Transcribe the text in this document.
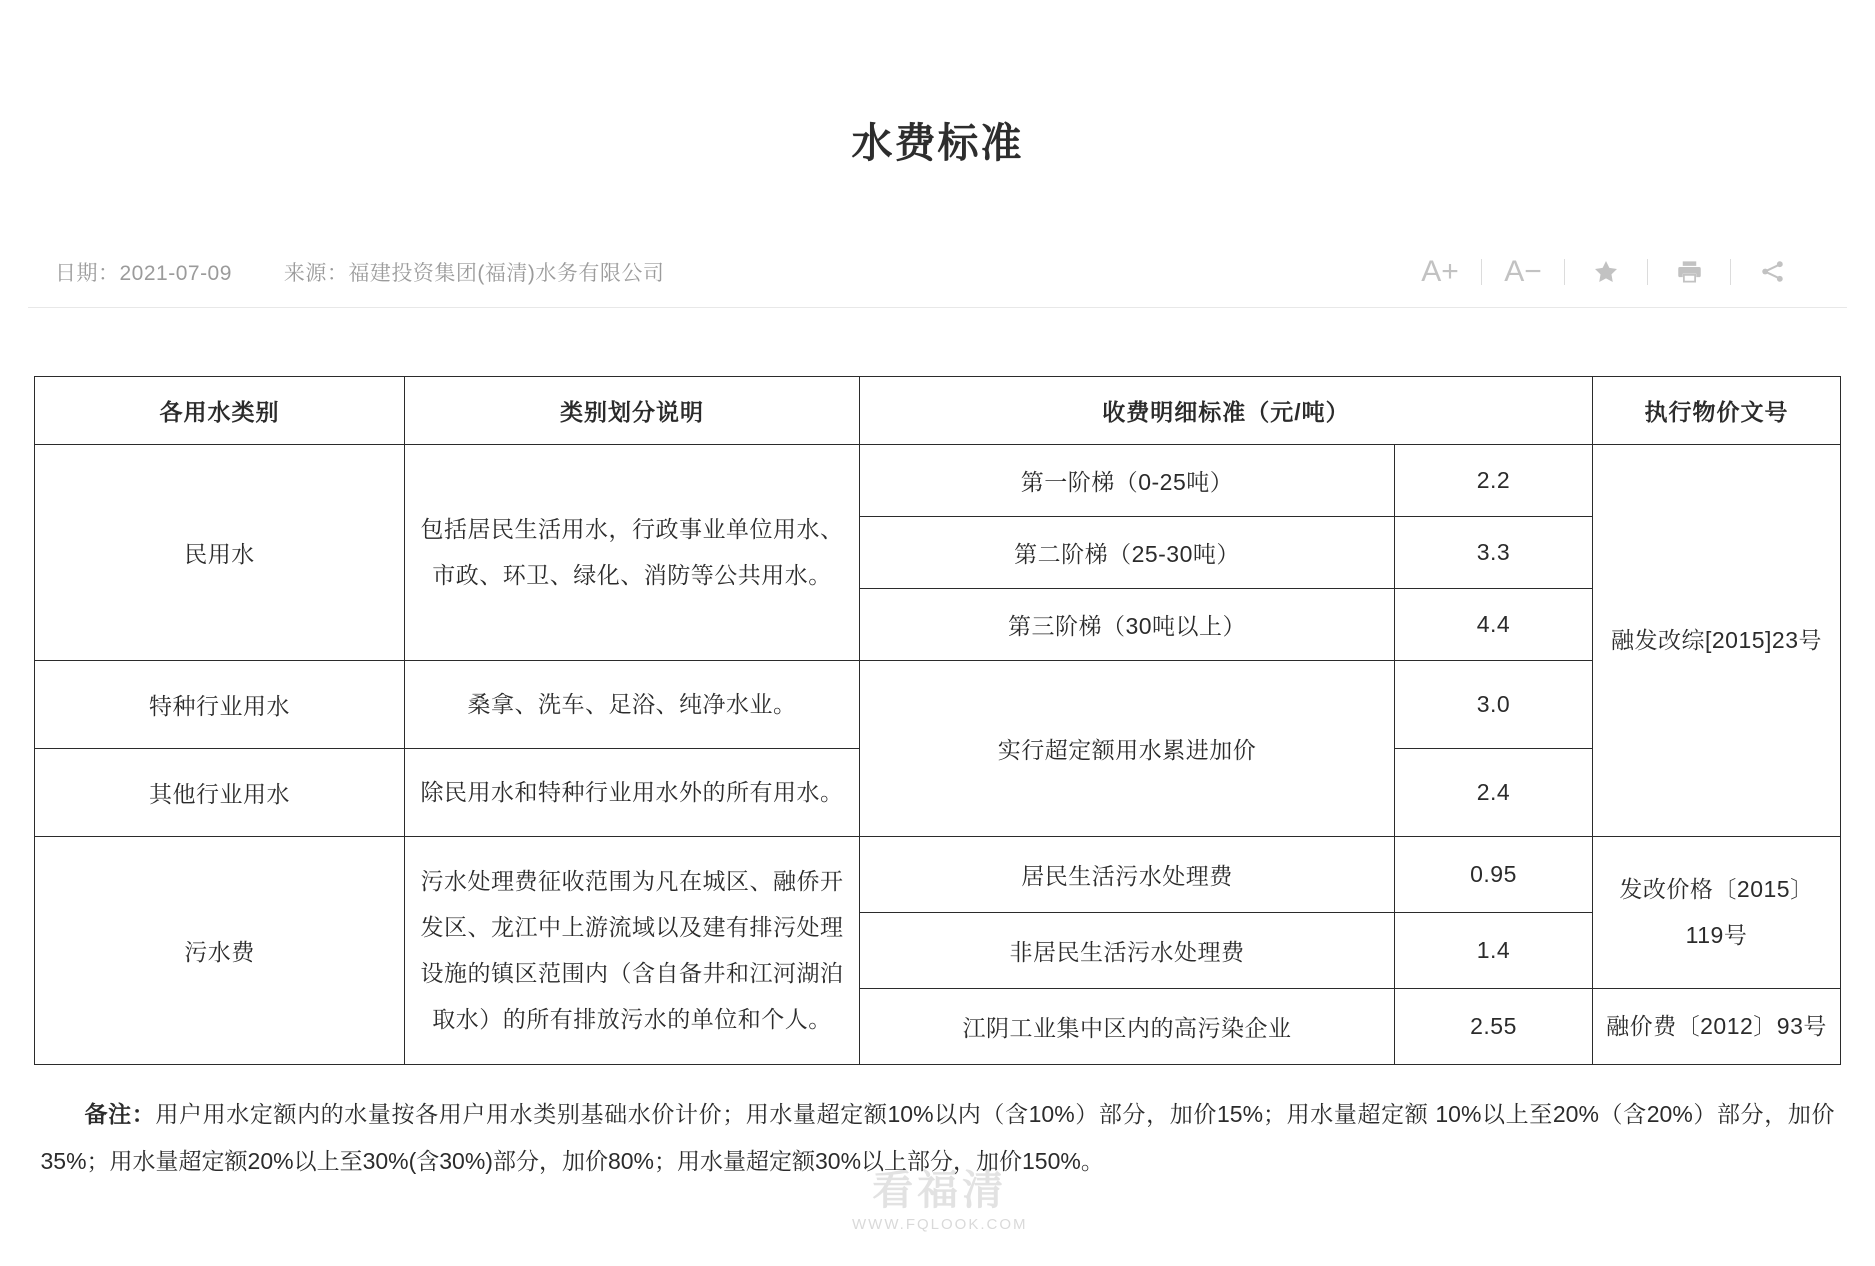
水费标准
日期：2021-07-09 来源：福建投资集团(福清)水务有限公司	A+	A−
各用水类别	类别划分说明	收费明细标准（元/吨）		执行物价文号
民用水	包括居民生活用水，行政事业单位用水、市政、环卫、绿化、消防等公共用水。	第一阶梯（0-25吨）	2.2	融发改综[2015]23号
		第二阶梯（25-30吨）	3.3	
		第三阶梯（30吨以上）	4.4	
特种行业用水	桑拿、洗车、足浴、纯净水业。	实行超定额用水累进加价	3.0	
其他行业用水	除民用水和特种行业用水外的所有用水。		2.4	
污水费	污水处理费征收范围为凡在城区、融侨开发区、龙江中上游流域以及建有排污处理设施的镇区范围内（含自备井和江河湖泊取水）的所有排放污水的单位和个人。	居民生活污水处理费	0.95	发改价格〔2015〕119号
		非居民生活污水处理费	1.4	
		江阴工业集中区内的高污染企业	2.55	融价费〔2012〕93号
备注：用户用水定额内的水量按各用户用水类别基础水价计价；用水量超定额10%以内（含10%）部分，加价15%；用水量超定额 10%以上至20%（含20%）部分，加价35%；用水量超定额20%以上至30%(含30%)部分，加价80%；用水量超定额30%以上部分，加价150%。
看福清
WWW.FQLOOK.COM
